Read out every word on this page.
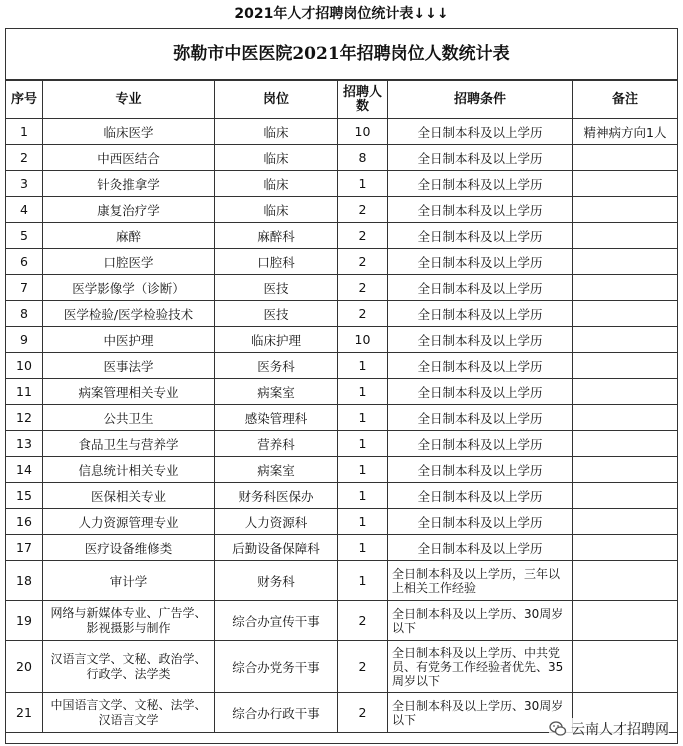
2021年人才招聘岗位统计表↓↓↓
弥勒市中医医院2021年招聘岗位人数统计表
序号	专业	岗位	招聘人数	招聘条件	备注
1	临床医学	临床	10	全日制本科及以上学历	精神病方向1人
2	中西医结合	临床	8	全日制本科及以上学历	
3	针灸推拿学	临床	1	全日制本科及以上学历	
4	康复治疗学	临床	2	全日制本科及以上学历	
5	麻醉	麻醉科	2	全日制本科及以上学历	
6	口腔医学	口腔科	2	全日制本科及以上学历	
7	医学影像学（诊断）	医技	2	全日制本科及以上学历	
8	医学检验/医学检验技术	医技	2	全日制本科及以上学历	
9	中医护理	临床护理	10	全日制本科及以上学历	
10	医事法学	医务科	1	全日制本科及以上学历	
11	病案管理相关专业	病案室	1	全日制本科及以上学历	
12	公共卫生	感染管理科	1	全日制本科及以上学历	
13	食品卫生与营养学	营养科	1	全日制本科及以上学历	
14	信息统计相关专业	病案室	1	全日制本科及以上学历	
15	医保相关专业	财务科医保办	1	全日制本科及以上学历	
16	人力资源管理专业	人力资源科	1	全日制本科及以上学历	
17	医疗设备维修类	后勤设备保障科	1	全日制本科及以上学历	
18	审计学	财务科	1	全日制本科及以上学历，三年以上相关工作经验	
19	网络与新媒体专业、广告学、影视摄影与制作	综合办宣传干事	2	全日制本科及以上学历、30周岁以下	
20	汉语言文学、文秘、政治学、行政学、法学类	综合办党务干事	2	全日制本科及以上学历、中共党员、有党务工作经验者优先、35周岁以下	
21	中国语言文学、文秘、法学、汉语言文学	综合办行政干事	2	全日制本科及以上学历、30周岁以下	
云南人才招聘网
